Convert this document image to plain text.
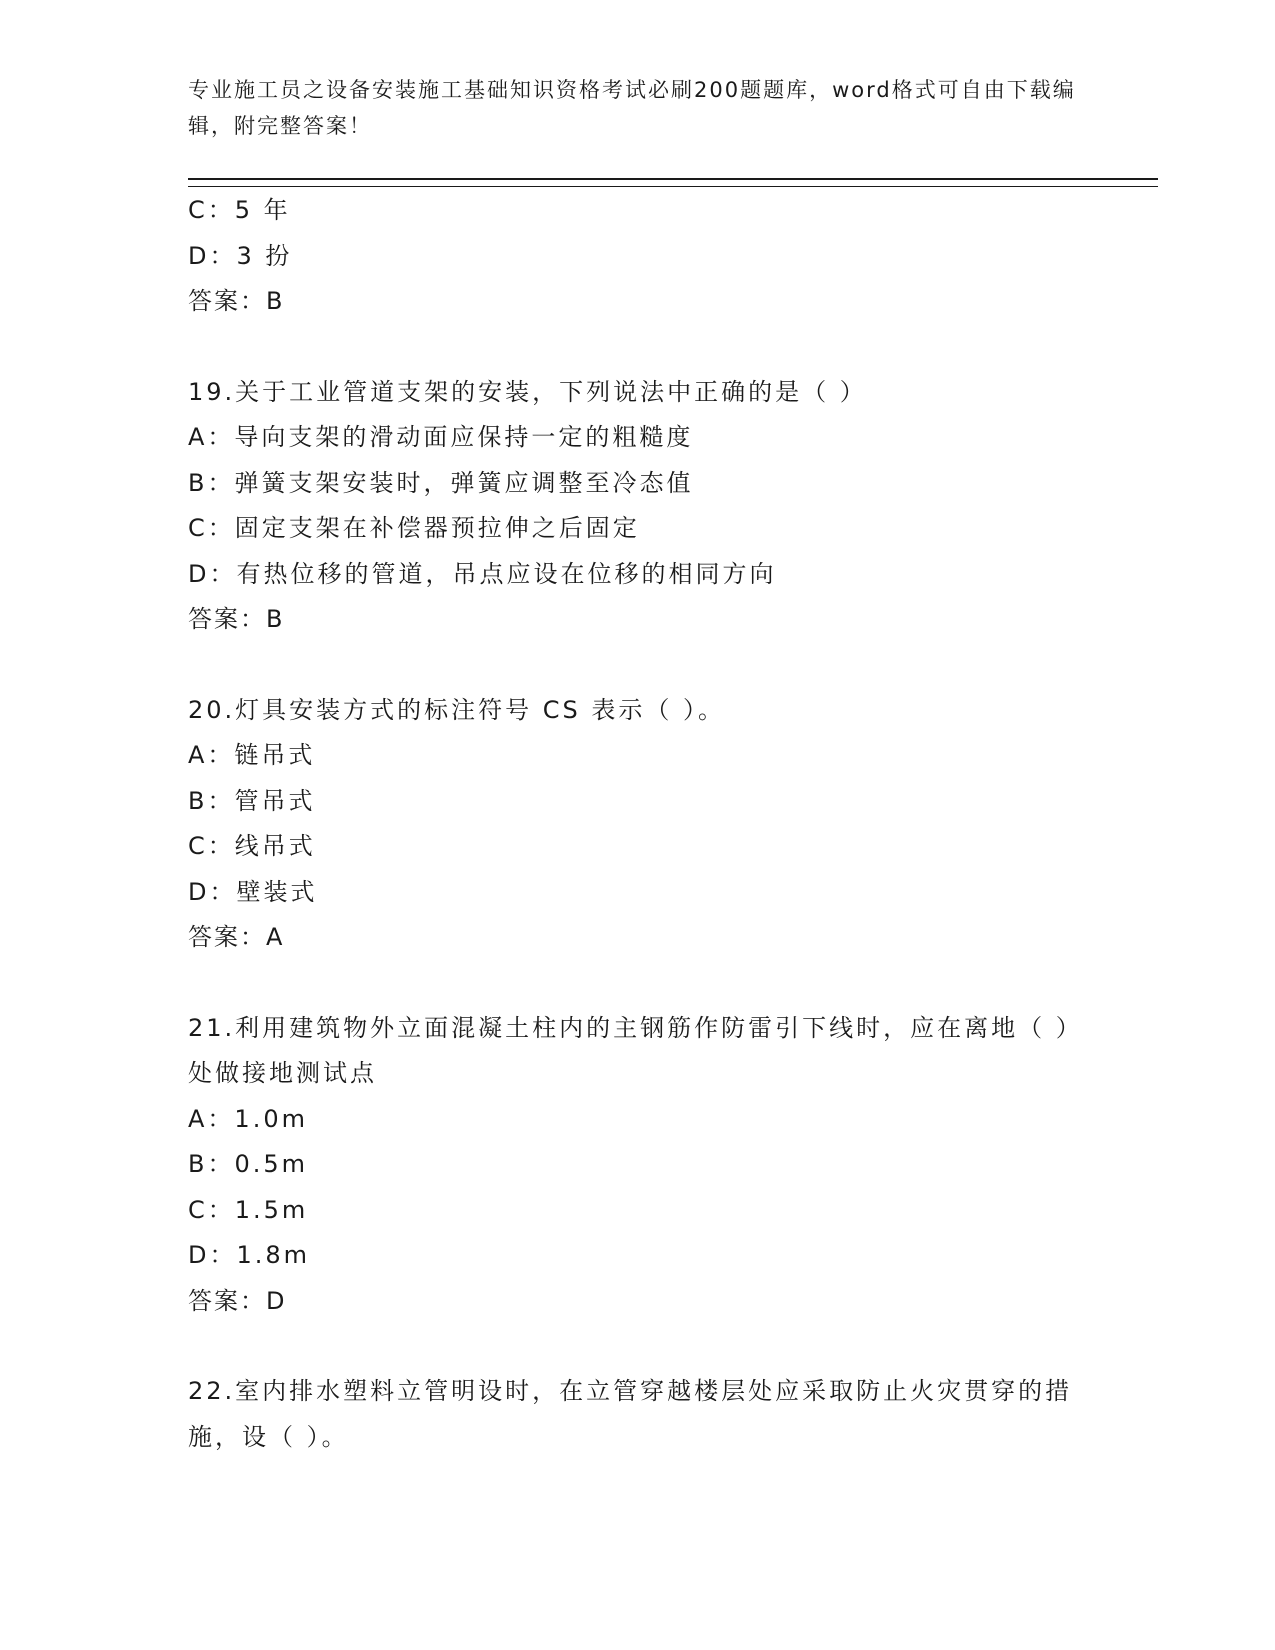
专业施工员之设备安装施工基础知识资格考试必刷200题题库，word格式可自由下载编辑，附完整答案！
C：5 年
D：3 扮
答案：B
19.关于工业管道支架的安装，下列说法中正确的是（ ）
A：导向支架的滑动面应保持一定的粗糙度
B：弹簧支架安装时，弹簧应调整至冷态值
C：固定支架在补偿器预拉伸之后固定
D：有热位移的管道，吊点应设在位移的相同方向
答案：B
20.灯具安装方式的标注符号 CS 表示（ ）。
A：链吊式
B：管吊式
C：线吊式
D：壁装式
答案：A
21.利用建筑物外立面混凝土柱内的主钢筋作防雷引下线时，应在离地（ ）处做接地测试点
A：1.0m
B：0.5m
C：1.5m
D：1.8m
答案：D
22.室内排水塑料立管明设时，在立管穿越楼层处应采取防止火灾贯穿的措施，设（ ）。
